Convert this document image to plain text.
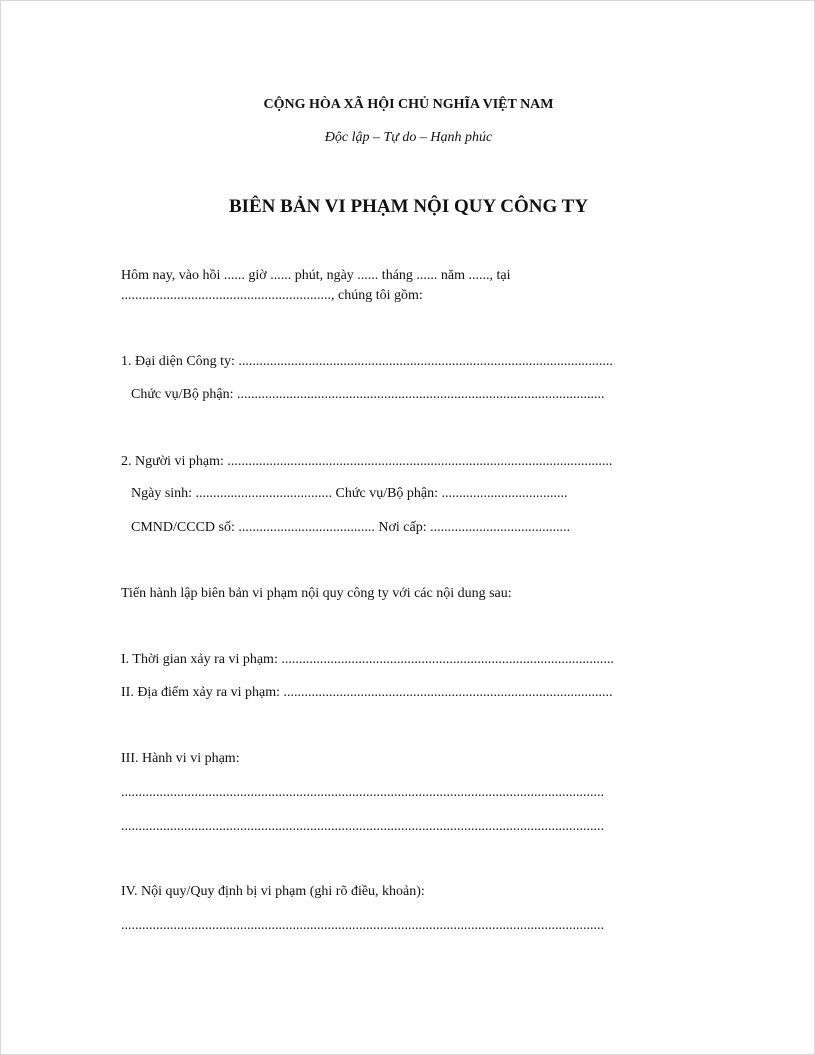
CỘNG HÒA XÃ HỘI CHỦ NGHĨA VIỆT NAM
Độc lập – Tự do – Hạnh phúc
BIÊN BẢN VI PHẠM NỘI QUY CÔNG TY
Hôm nay, vào hồi ...... giờ ...... phút, ngày ...... tháng ...... năm ......, tại
............................................................, chúng tôi gồm:
1. Đại diện Công ty: ...........................................................................................................
Chức vụ/Bộ phận: .........................................................................................................
2. Người vi phạm: ..............................................................................................................
Ngày sinh: ....................................... Chức vụ/Bộ phận: ....................................
CMND/CCCD số: ....................................... Nơi cấp: ........................................
Tiến hành lập biên bản vi phạm nội quy công ty với các nội dung sau:
I. Thời gian xảy ra vi phạm: ...............................................................................................
II. Địa điểm xảy ra vi phạm: ..............................................................................................
III. Hành vi vi phạm:
..........................................................................................................................................
..........................................................................................................................................
IV. Nội quy/Quy định bị vi phạm (ghi rõ điều, khoản):
..........................................................................................................................................
